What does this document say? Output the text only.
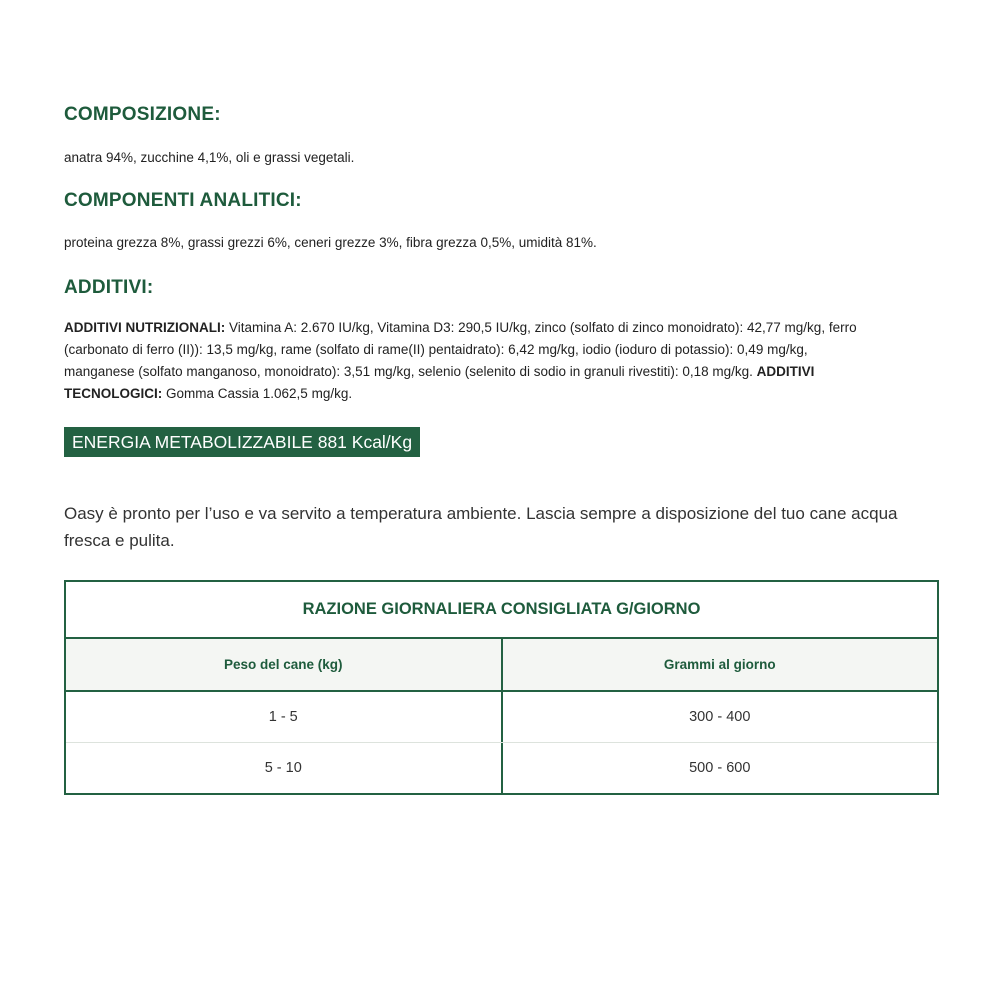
COMPOSIZIONE:

anatra 94%, zucchine 4,1%, oli e grassi vegetali.

COMPONENTI ANALITICI:

proteina grezza 8%, grassi grezzi 6%, ceneri grezze 3%, fibra grezza 0,5%, umidità 81%.

ADDITIVI:

ADDITIVI NUTRIZIONALI: Vitamina A: 2.670 IU/kg, Vitamina D3: 290,5 IU/kg, zinco (solfato di zinco monoidrato): 42,77 mg/kg, ferro (carbonato di ferro (II)): 13,5 mg/kg, rame (solfato di rame(II) pentaidrato): 6,42 mg/kg, iodio (ioduro di potassio): 0,49 mg/kg, manganese (solfato manganoso, monoidrato): 3,51 mg/kg, selenio (selenito di sodio in granuli rivestiti): 0,18 mg/kg. ADDITIVI TECNOLOGICI: Gomma Cassia 1.062,5 mg/kg.

ENERGIA METABOLIZZABILE 881 Kcal/Kg

Oasy è pronto per l’uso e va servito a temperatura ambiente. Lascia sempre a disposizione del tuo cane acqua fresca e pulita.

RAZIONE GIORNALIERA CONSIGLIATA G/GIORNO
Peso del cane (kg)	Grammi al giorno
1 - 5	300 - 400
5 - 10	500 - 600
